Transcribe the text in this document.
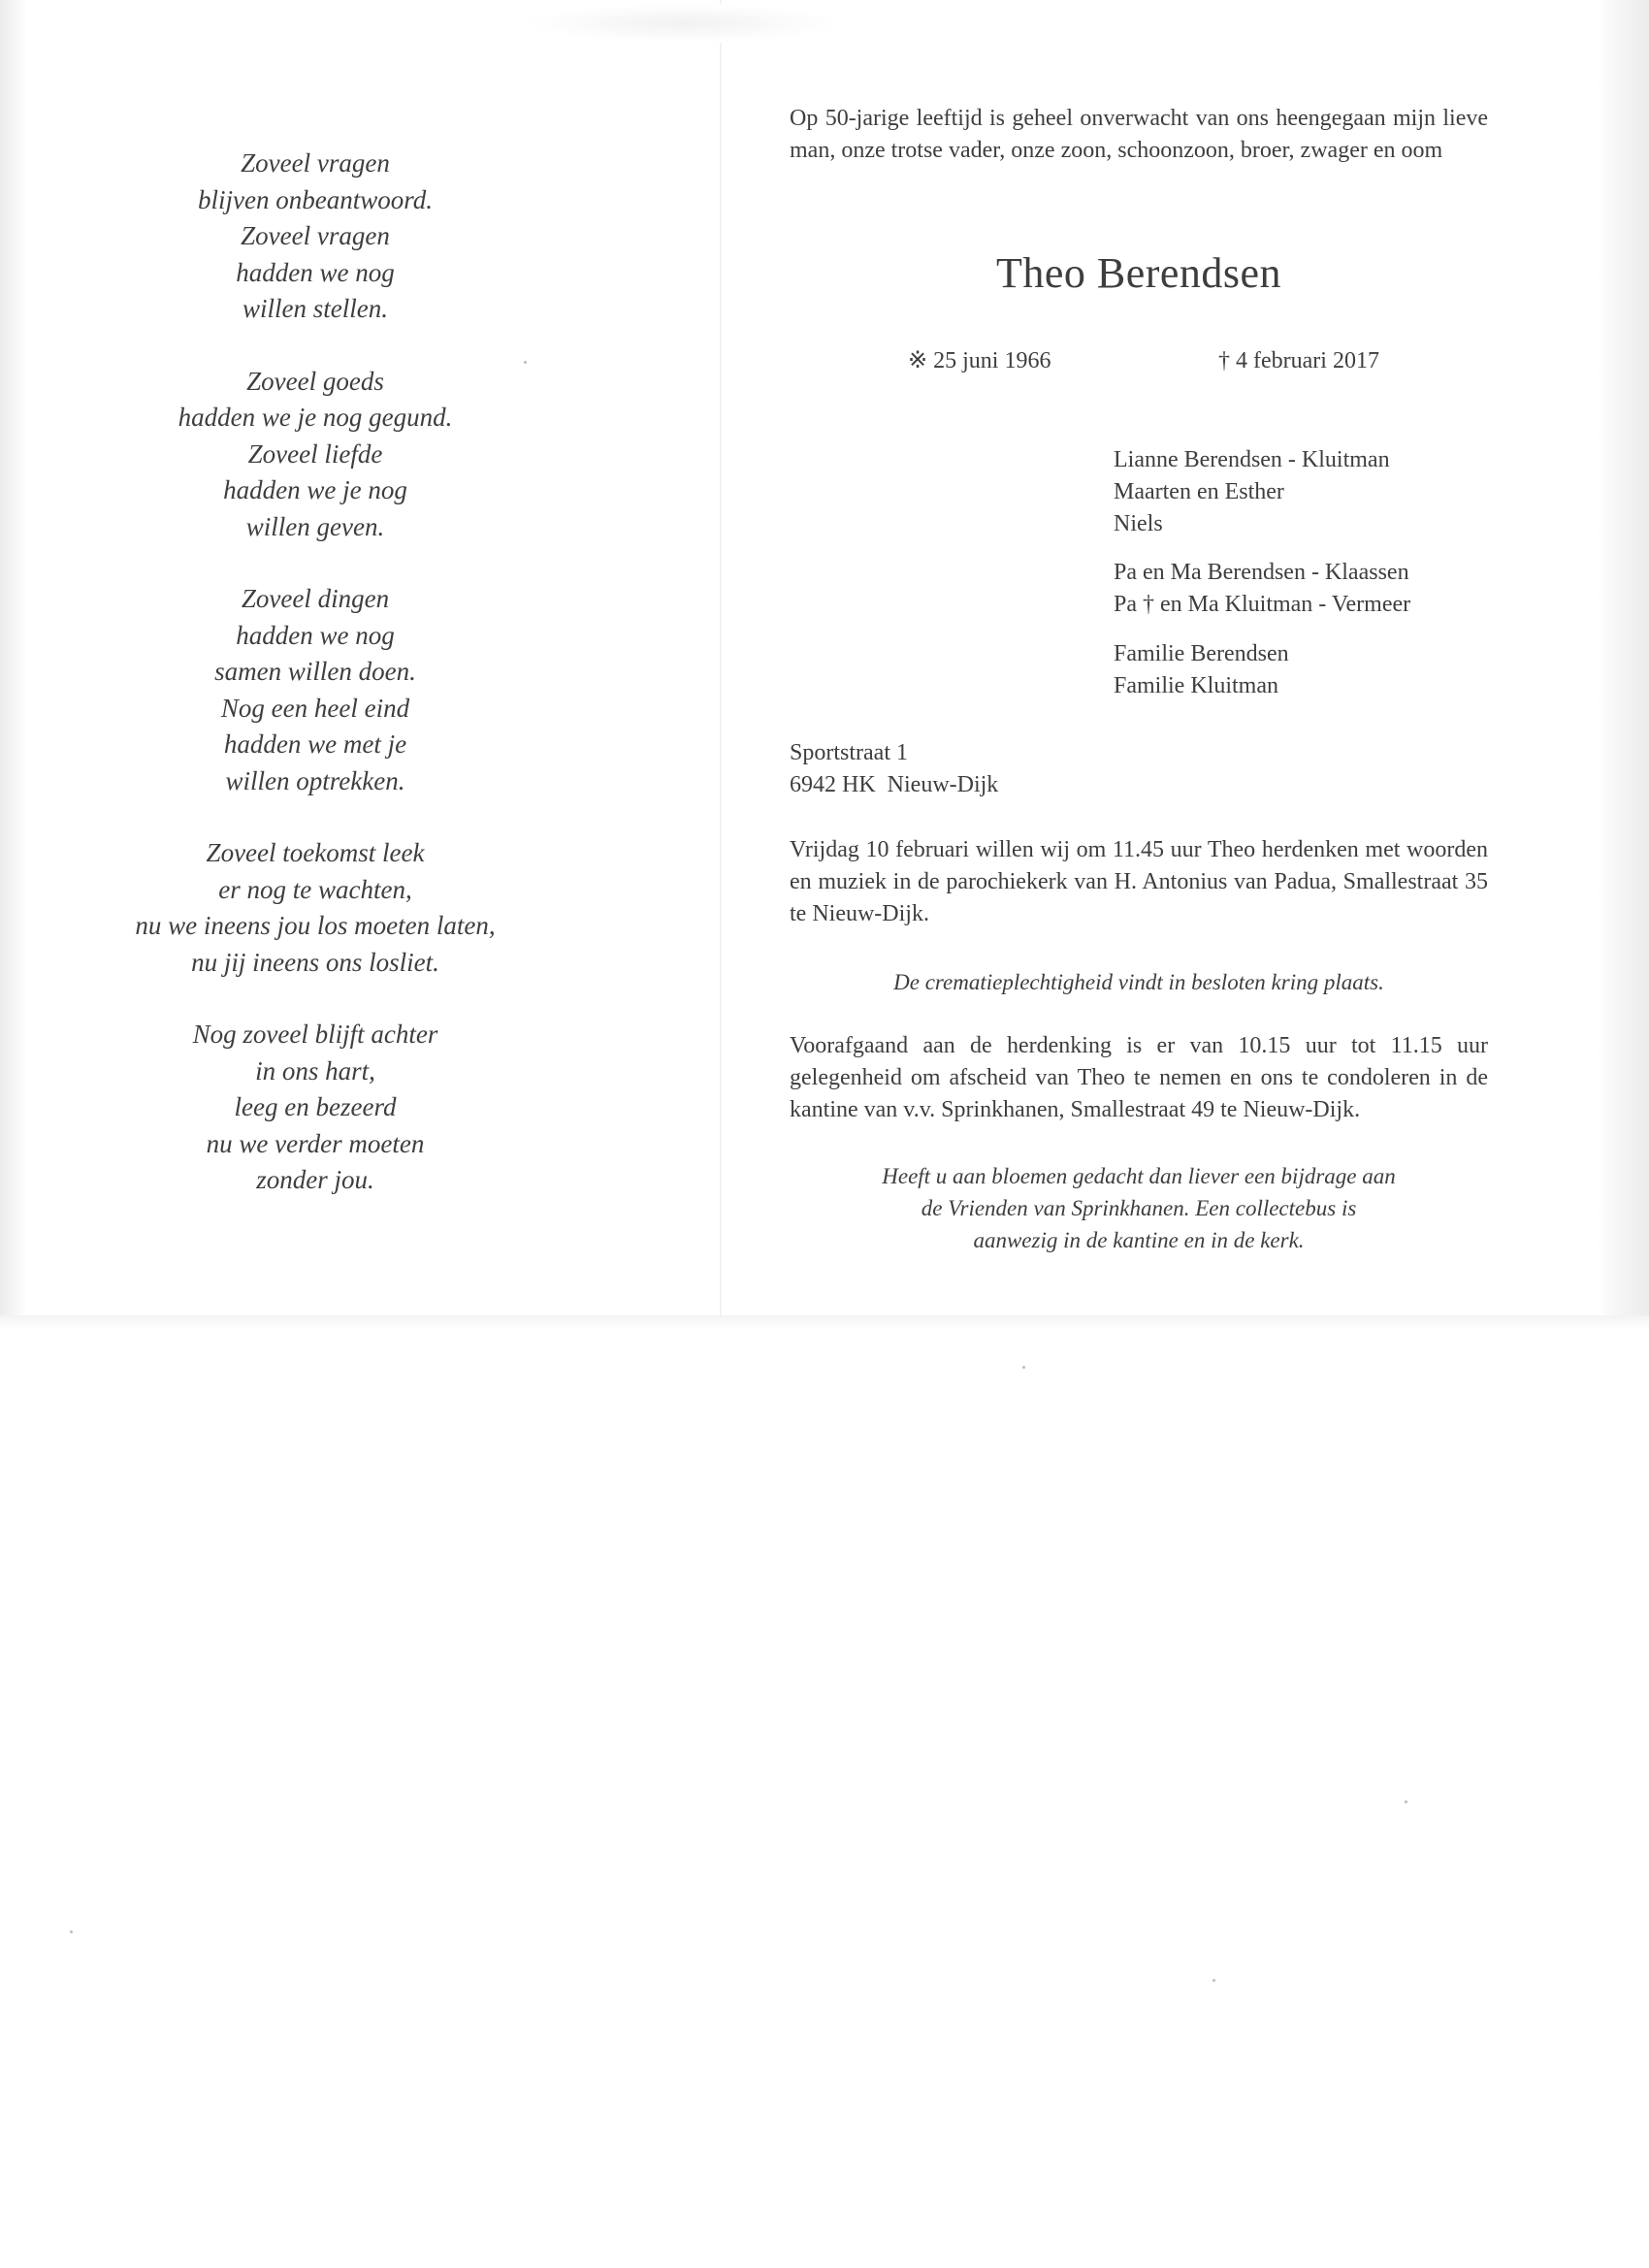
Zoveel vragen
blijven onbeantwoord.
Zoveel vragen
hadden we nog
willen stellen.
Zoveel goeds
hadden we je nog gegund.
Zoveel liefde
hadden we je nog
willen geven.
Zoveel dingen
hadden we nog
samen willen doen.
Nog een heel eind
hadden we met je
willen optrekken.
Zoveel toekomst leek
er nog te wachten,
nu we ineens jou los moeten laten,
nu jij ineens ons losliet.
Nog zoveel blijft achter
in ons hart,
leeg en bezeerd
nu we verder moeten
zonder jou.
Op 50-jarige leeftijd is geheel onverwacht van ons heengegaan mijn lieve man, onze trotse vader, onze zoon, schoonzoon, broer, zwager en oom
Theo Berendsen
※ 25 juni 1966	† 4 februari 2017
Lianne Berendsen - Kluitman
Maarten en Esther
Niels
Pa en Ma Berendsen - Klaassen
Pa † en Ma Kluitman - Vermeer
Familie Berendsen
Familie Kluitman
Sportstraat 1
6942 HK  Nieuw-Dijk
Vrijdag 10 februari willen wij om 11.45 uur Theo herdenken met woorden en muziek in de parochiekerk van H. Antonius van Padua, Smallestraat 35 te Nieuw-Dijk.
De crematieplechtigheid vindt in besloten kring plaats.
Voorafgaand aan de herdenking is er van 10.15 uur tot 11.15 uur gelegenheid om afscheid van Theo te nemen en ons te condoleren in de kantine van v.v. Sprinkhanen, Smallestraat 49 te Nieuw-Dijk.
Heeft u aan bloemen gedacht dan liever een bijdrage aan
de Vrienden van Sprinkhanen. Een collectebus is
aanwezig in de kantine en in de kerk.
